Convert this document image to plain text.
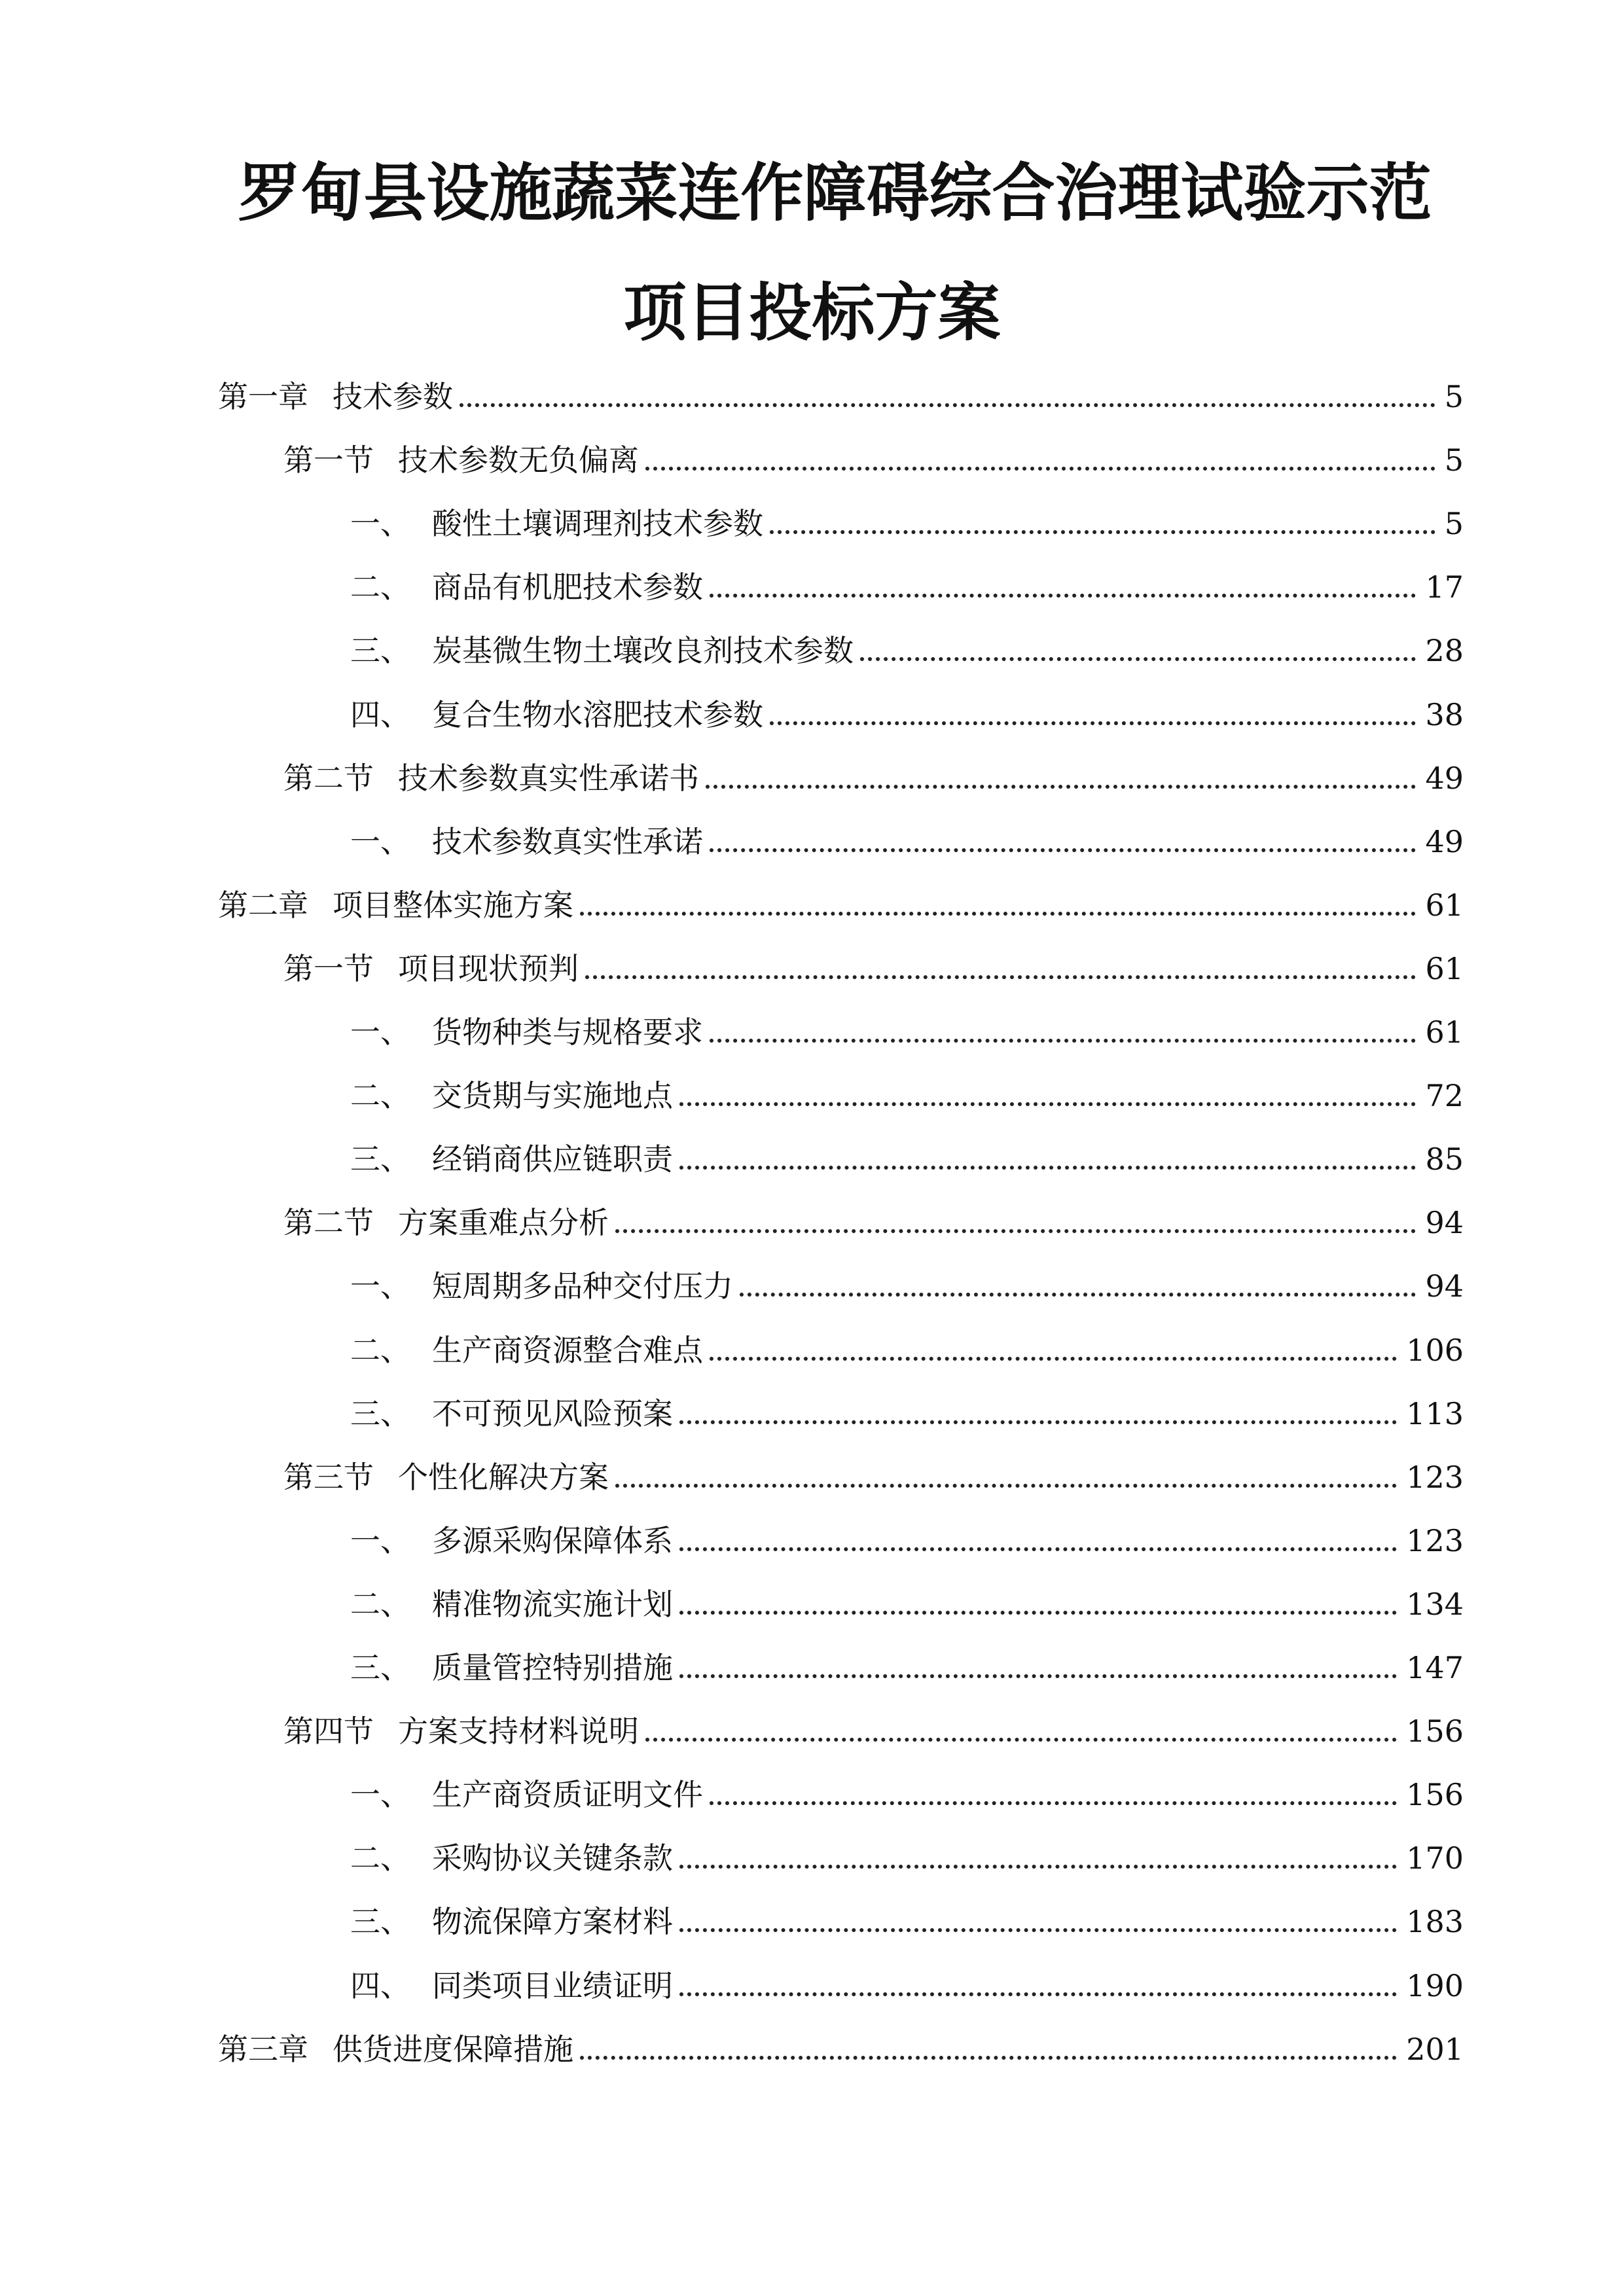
罗甸县设施蔬菜连作障碍综合治理试验示范
项目投标方案
第一章 技术参数	5
第一节 技术参数无负偏离	5
一、 酸性土壤调理剂技术参数	5
二、 商品有机肥技术参数	17
三、 炭基微生物土壤改良剂技术参数	28
四、 复合生物水溶肥技术参数	38
第二节 技术参数真实性承诺书	49
一、 技术参数真实性承诺	49
第二章 项目整体实施方案	61
第一节 项目现状预判	61
一、 货物种类与规格要求	61
二、 交货期与实施地点	72
三、 经销商供应链职责	85
第二节 方案重难点分析	94
一、 短周期多品种交付压力	94
二、 生产商资源整合难点	106
三、 不可预见风险预案	113
第三节 个性化解决方案	123
一、 多源采购保障体系	123
二、 精准物流实施计划	134
三、 质量管控特别措施	147
第四节 方案支持材料说明	156
一、 生产商资质证明文件	156
二、 采购协议关键条款	170
三、 物流保障方案材料	183
四、 同类项目业绩证明	190
第三章 供货进度保障措施	201
